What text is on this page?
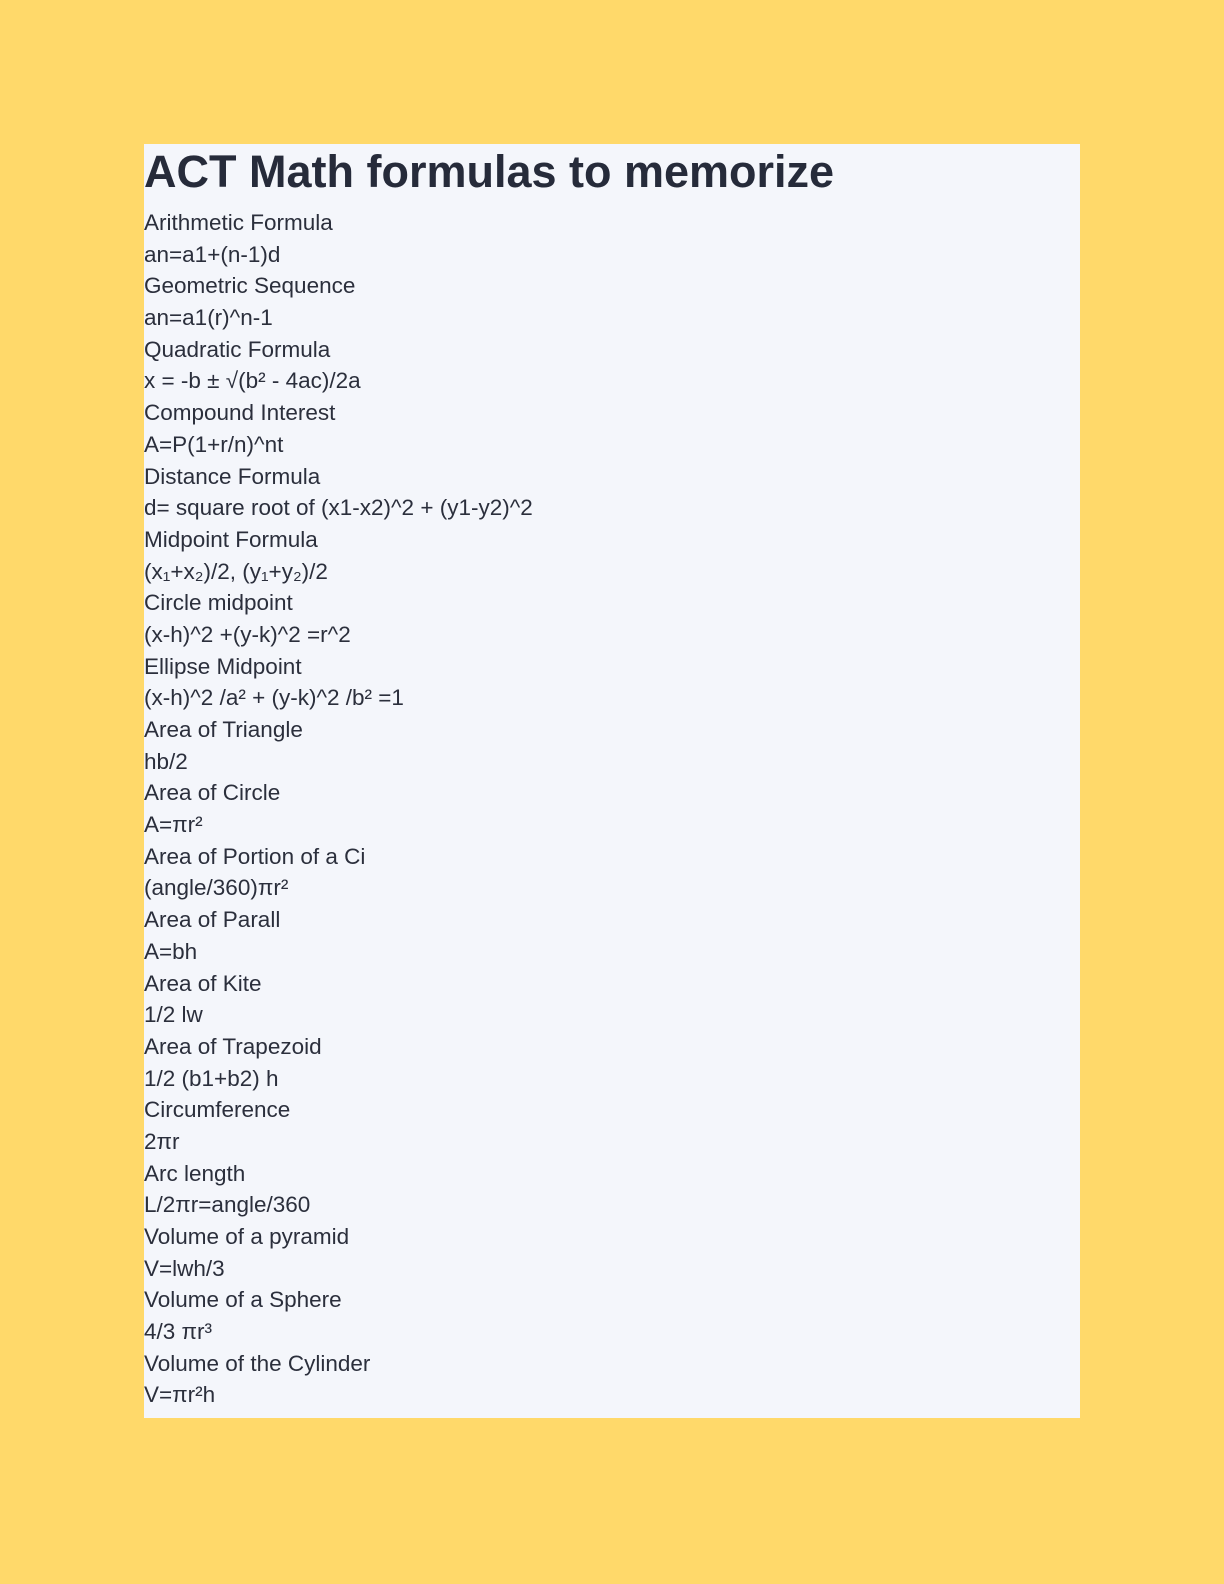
ACT Math formulas to memorize
Arithmetic Formula
an=a1+(n-1)d
Geometric Sequence
an=a1(r)^n-1
Quadratic Formula
x = -b ± √(b² - 4ac)/2a
Compound Interest
A=P(1+r/n)^nt
Distance Formula
d= square root of (x1-x2)^2 + (y1-y2)^2
Midpoint Formula
(x₁+x₂)/2, (y₁+y₂)/2
Circle midpoint
(x-h)^2 +(y-k)^2 =r^2
Ellipse Midpoint
(x-h)^2 /a² + (y-k)^2 /b² =1
Area of Triangle
hb/2
Area of Circle
A=πr²
Area of Portion of a Ci
(angle/360)πr²
Area of Parall
A=bh
Area of Kite
1/2 lw
Area of Trapezoid
1/2 (b1+b2) h
Circumference
2πr
Arc length
L/2πr=angle/360
Volume of a pyramid
V=lwh/3
Volume of a Sphere
4/3 πr³
Volume of the Cylinder
V=πr²h
